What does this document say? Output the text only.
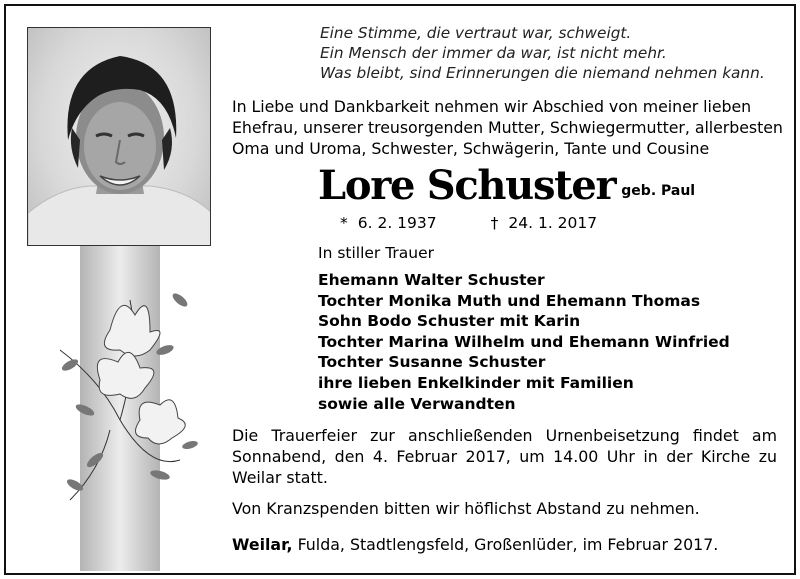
Eine Stimme, die vertraut war, schweigt.
Ein Mensch der immer da war, ist nicht mehr.
Was bleibt, sind Erinnerungen die niemand nehmen kann.
In Liebe und Dankbarkeit nehmen wir Abschied von meiner lieben
Ehefrau, unserer treusorgenden Mutter, Schwiegermutter, allerbesten
Oma und Uroma, Schwester, Schwägerin, Tante und Cousine
Lore Schuster geb. Paul
* 6. 2. 1937	† 24. 1. 2017
In stiller Trauer
Ehemann Walter Schuster
Tochter Monika Muth und Ehemann Thomas
Sohn Bodo Schuster mit Karin
Tochter Marina Wilhelm und Ehemann Winfried
Tochter Susanne Schuster
ihre lieben Enkelkinder mit Familien
sowie alle Verwandten
Die Trauerfeier zur anschließenden Urnenbeisetzung findet am Sonnabend, den 4. Februar 2017, um 14.00 Uhr in der Kirche zu Weilar statt.
Von Kranzspenden bitten wir höflichst Abstand zu nehmen.
Weilar, Fulda, Stadtlengsfeld, Großenlüder, im Februar 2017.
